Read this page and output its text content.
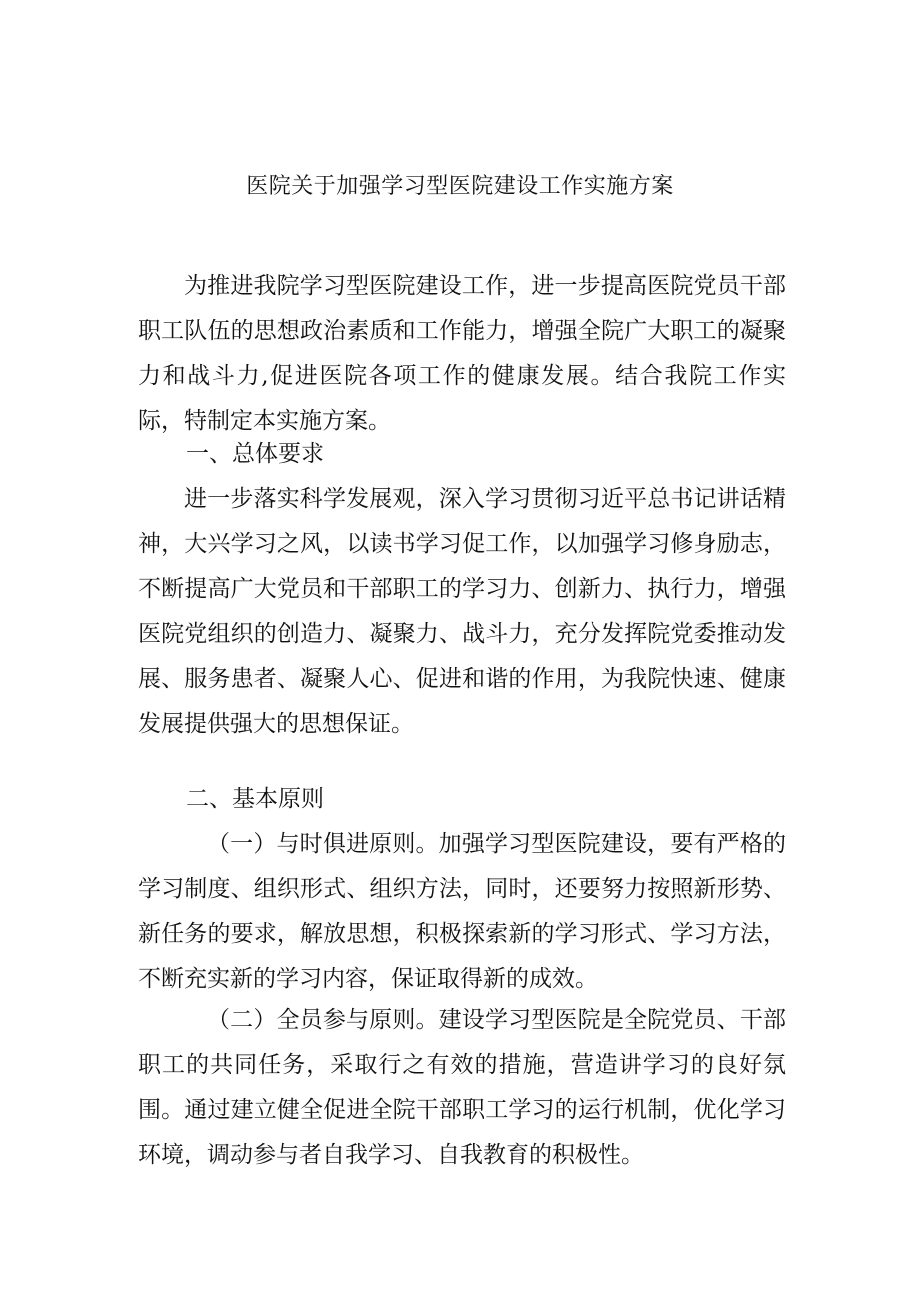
医院关于加强学习型医院建设工作实施方案

为推进我院学习型医院建设工作，进一步提高医院党员干部职工队伍的思想政治素质和工作能力，增强全院广大职工的凝聚力和战斗力,促进医院各项工作的健康发展。结合我院工作实际，特制定本实施方案。

一、总体要求

进一步落实科学发展观，深入学习贯彻习近平总书记讲话精神，大兴学习之风，以读书学习促工作，以加强学习修身励志，不断提高广大党员和干部职工的学习力、创新力、执行力，增强医院党组织的创造力、凝聚力、战斗力，充分发挥院党委推动发展、服务患者、凝聚人心、促进和谐的作用，为我院快速、健康发展提供强大的思想保证。

二、基本原则

（一）与时俱进原则。加强学习型医院建设，要有严格的学习制度、组织形式、组织方法，同时，还要努力按照新形势、新任务的要求，解放思想，积极探索新的学习形式、学习方法，不断充实新的学习内容，保证取得新的成效。

（二）全员参与原则。建设学习型医院是全院党员、干部职工的共同任务，采取行之有效的措施，营造讲学习的良好氛围。通过建立健全促进全院干部职工学习的运行机制，优化学习环境，调动参与者自我学习、自我教育的积极性。
